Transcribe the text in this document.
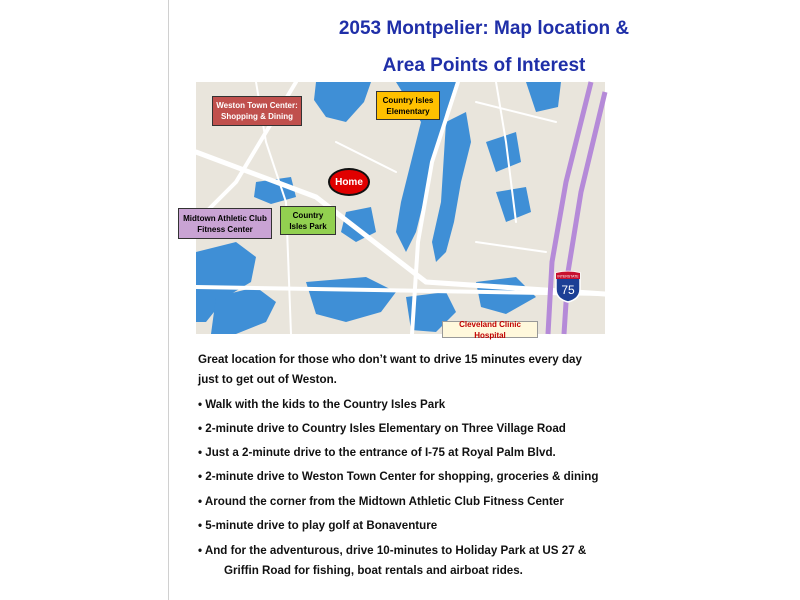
2053 Montpelier: Map location &
Area Points of Interest
Weston Town Center: Shopping & Dining
Country Isles Elementary
Midtown Athletic Club Fitness Center
Country Isles Park
Home
Cleveland Clinic Hospital
INTERSTATE
75
Great location for those who don’t want to drive 15 minutes every day
just to get out of Weston.
• Walk with the kids to the Country Isles Park
• 2-minute drive to Country Isles Elementary on Three Village Road
• Just a 2-minute drive to the entrance of I-75 at Royal Palm Blvd.
• 2-minute drive to Weston Town Center for shopping, groceries & dining
• Around the corner from the Midtown Athletic Club Fitness Center
• 5-minute drive to play golf at Bonaventure
• And for the adventurous, drive 10-minutes to Holiday Park at US 27 &
Griffin Road for fishing, boat rentals and airboat rides.
